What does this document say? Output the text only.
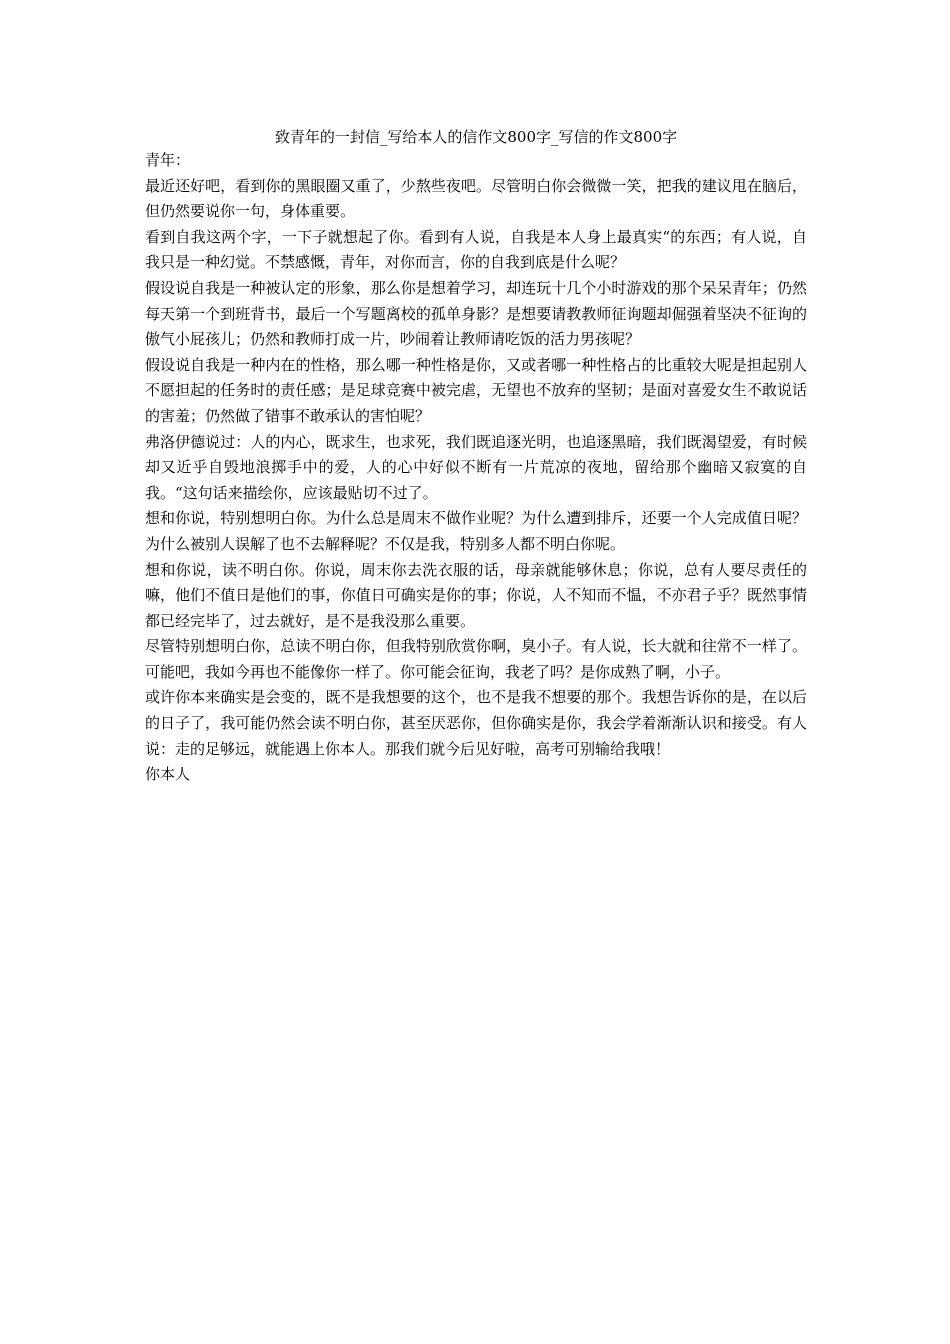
致青年的一封信_写给本人的信作文800字_写信的作文800字

青年：

最近还好吧，看到你的黑眼圈又重了，少熬些夜吧。尽管明白你会微微一笑，把我的建议甩在脑后，但仍然要说你一句，身体重要。

看到自我这两个字，一下子就想起了你。看到有人说，自我是本人身上最真实“的东西；有人说，自我只是一种幻觉。不禁感慨，青年，对你而言，你的自我到底是什么呢？

假设说自我是一种被认定的形象，那么你是想着学习，却连玩十几个小时游戏的那个呆呆青年；仍然每天第一个到班背书，最后一个写题离校的孤单身影？是想要请教教师征询题却倔强着坚决不征询的傲气小屁孩儿；仍然和教师打成一片，吵闹着让教师请吃饭的活力男孩呢？

假设说自我是一种内在的性格，那么哪一种性格是你，又或者哪一种性格占的比重较大呢是担起别人不愿担起的任务时的责任感；是足球竞赛中被完虐，无望也不放弃的坚韧；是面对喜爱女生不敢说话的害羞；仍然做了错事不敢承认的害怕呢？

弗洛伊德说过：人的内心，既求生，也求死，我们既追逐光明，也追逐黑暗，我们既渴望爱，有时候却又近乎自毁地浪掷手中的爱，人的心中好似不断有一片荒凉的夜地，留给那个幽暗又寂寞的自我。“这句话来描绘你，应该最贴切不过了。

想和你说，特别想明白你。为什么总是周末不做作业呢？为什么遭到排斥，还要一个人完成值日呢？为什么被别人误解了也不去解释呢？不仅是我，特别多人都不明白你呢。

想和你说，读不明白你。你说，周末你去洗衣服的话，母亲就能够休息；你说，总有人要尽责任的嘛，他们不值日是他们的事，你值日可确实是你的事；你说，人不知而不愠，不亦君子乎？既然事情都已经完毕了，过去就好，是不是我没那么重要。

尽管特别想明白你，总读不明白你，但我特别欣赏你啊，臭小子。有人说，长大就和往常不一样了。可能吧，我如今再也不能像你一样了。你可能会征询，我老了吗？是你成熟了啊，小子。

或许你本来确实是会变的，既不是我想要的这个，也不是我不想要的那个。我想告诉你的是，在以后的日子了，我可能仍然会读不明白你，甚至厌恶你，但你确实是你，我会学着渐渐认识和接受。有人说：走的足够远，就能遇上你本人。那我们就今后见好啦，高考可别输给我哦！

你本人
